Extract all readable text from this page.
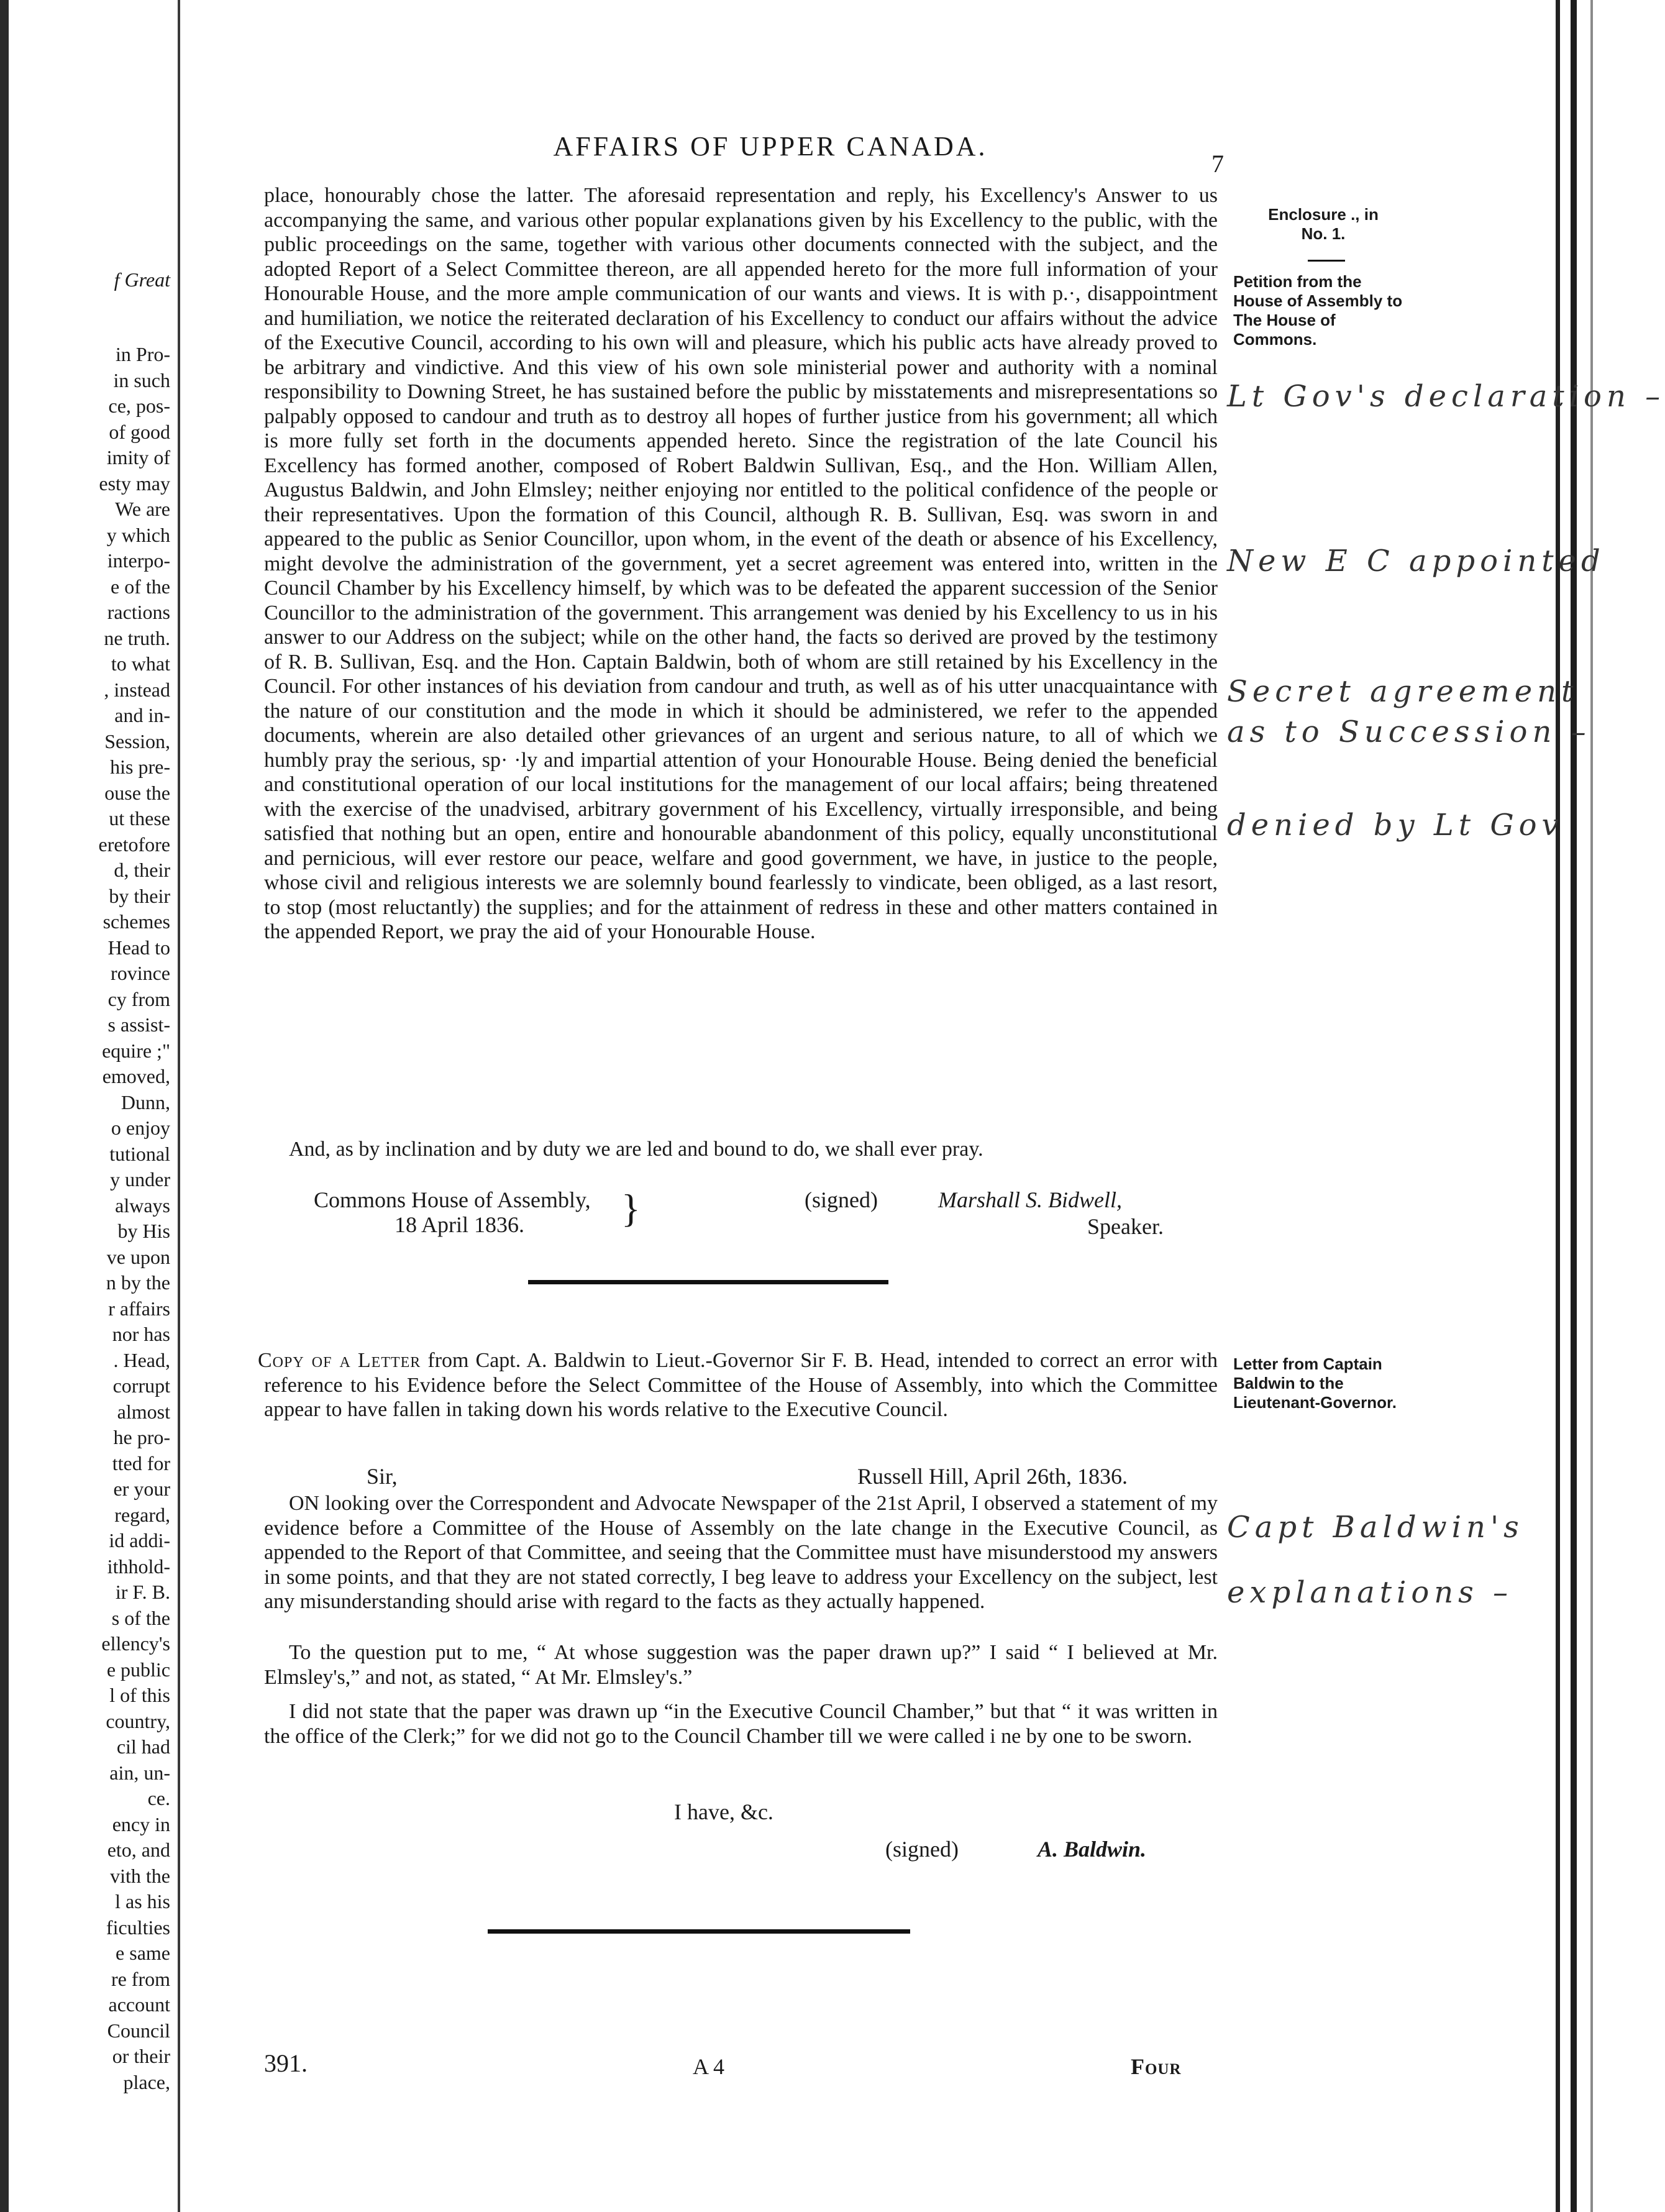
f Great
in Pro-
in such
ce, pos-
of good
imity of
esty may
We are
y which
interpo-
e of the
ractions
ne truth.
to what
, instead
and in-
Session,
his pre-
ouse the
ut these
eretofore
d, their
by their
schemes
Head to
rovince
cy from
s assist-
equire ;"
emoved,
Dunn,
o enjoy
tutional
y under
always
by His
ve upon
n by the
r affairs
nor has
. Head,
corrupt
almost
he pro-
tted for
er your
regard,
id addi-
ithhold-
ir F. B.
s of the
ellency's
e public
l of this
country,
cil had
ain, un-
ce.
ency in
eto, and
vith the
l as his
ficulties
e same
re from
account
Council
or their
place,
AFFAIRS OF UPPER CANADA.
7

place, honourably chose the latter. The aforesaid representation and reply, his Excellency's Answer to us accompanying the same, and various other popular explanations given by his Excellency to the public, with the public proceedings on the same, together with various other documents connected with the subject, and the adopted Report of a Select Committee thereon, are all appended hereto for the more full information of your Honourable House, and the more ample communication of our wants and views. It is with p.·, disappointment and humiliation, we notice the reiterated declaration of his Excellency to conduct our affairs without the advice of the Executive Council, according to his own will and pleasure, which his public acts have already proved to be arbitrary and vindictive. And this view of his own sole ministerial power and authority with a nominal responsibility to Downing Street, he has sustained before the public by misstatements and misrepresentations so palpably opposed to candour and truth as to destroy all hopes of further justice from his government; all which is more fully set forth in the documents appended hereto. Since the registration of the late Council his Excellency has formed another, composed of Robert Baldwin Sullivan, Esq., and the Hon. William Allen, Augustus Baldwin, and John Elmsley; neither enjoying nor entitled to the political confidence of the people or their representatives. Upon the formation of this Council, although R. B. Sullivan, Esq. was sworn in and appeared to the public as Senior Councillor, upon whom, in the event of the death or absence of his Excellency, might devolve the administration of the government, yet a secret agreement was entered into, written in the Council Chamber by his Excellency himself, by which was to be defeated the apparent succession of the Senior Councillor to the administration of the government. This arrangement was denied by his Excellency to us in his answer to our Address on the subject; while on the other hand, the facts so derived are proved by the testimony of R. B. Sullivan, Esq. and the Hon. Captain Baldwin, both of whom are still retained by his Excellency in the Council. For other instances of his deviation from candour and truth, as well as of his utter unacquaintance with the nature of our constitution and the mode in which it should be administered, we refer to the appended documents, wherein are also detailed other grievances of an urgent and serious nature, to all of which we humbly pray the serious, sp· ·ly and impartial attention of your Honourable House. Being denied the beneficial and constitutional operation of our local institutions for the management of our local affairs; being threatened with the exercise of the unadvised, arbitrary government of his Excellency, virtually irresponsible, and being satisfied that nothing but an open, entire and honourable abandonment of this policy, equally unconstitutional and pernicious, will ever restore our peace, welfare and good government, we have, in justice to the people, whose civil and religious interests we are solemnly bound fearlessly to vindicate, been obliged, as a last resort, to stop (most reluctantly) the supplies; and for the attainment of redress in these and other matters contained in the appended Report, we pray the aid of your Honourable House.

And, as by inclination and by duty we are led and bound to do, we shall ever pray.

Commons House of Assembly,
18 April 1836. }	(signed)	Marshall S. Bidwell,
Speaker.

Copy of a Letter from Capt. A. Baldwin to Lieut.-Governor Sir F. B. Head, intended to correct an error with reference to his Evidence before the Select Committee of the House of Assembly, into which the Committee appear to have fallen in taking down his words relative to the Executive Council.

Sir,	Russell Hill, April 26th, 1836.

ON looking over the Correspondent and Advocate Newspaper of the 21st April, I observed a statement of my evidence before a Committee of the House of Assembly on the late change in the Executive Council, as appended to the Report of that Committee, and seeing that the Committee must have misunderstood my answers in some points, and that they are not stated correctly, I beg leave to address your Excellency on the subject, lest any misunderstanding should arise with regard to the facts as they actually happened.

To the question put to me, “ At whose suggestion was the paper drawn up?” I said “ I believed at Mr. Elmsley's,” and not, as stated, “ At Mr. Elmsley's.”

I did not state that the paper was drawn up “in the Executive Council Chamber,” but that “ it was written in the office of the Clerk;” for we did not go to the Council Chamber till we were called i ne by one to be sworn.

I have, &c.
(signed)	A. Baldwin.
Enclosure ., in
No. 1.
Petition from the House of Assembly to The House of Commons.
Letter from Captain Baldwin to the Lieutenant-Governor.
Lt Gov's declaration –
New E C appointed
Secret agreement
as to Succession –
denied by Lt Gov
Capt Baldwin's
explanations –
391.	A 4	Four
